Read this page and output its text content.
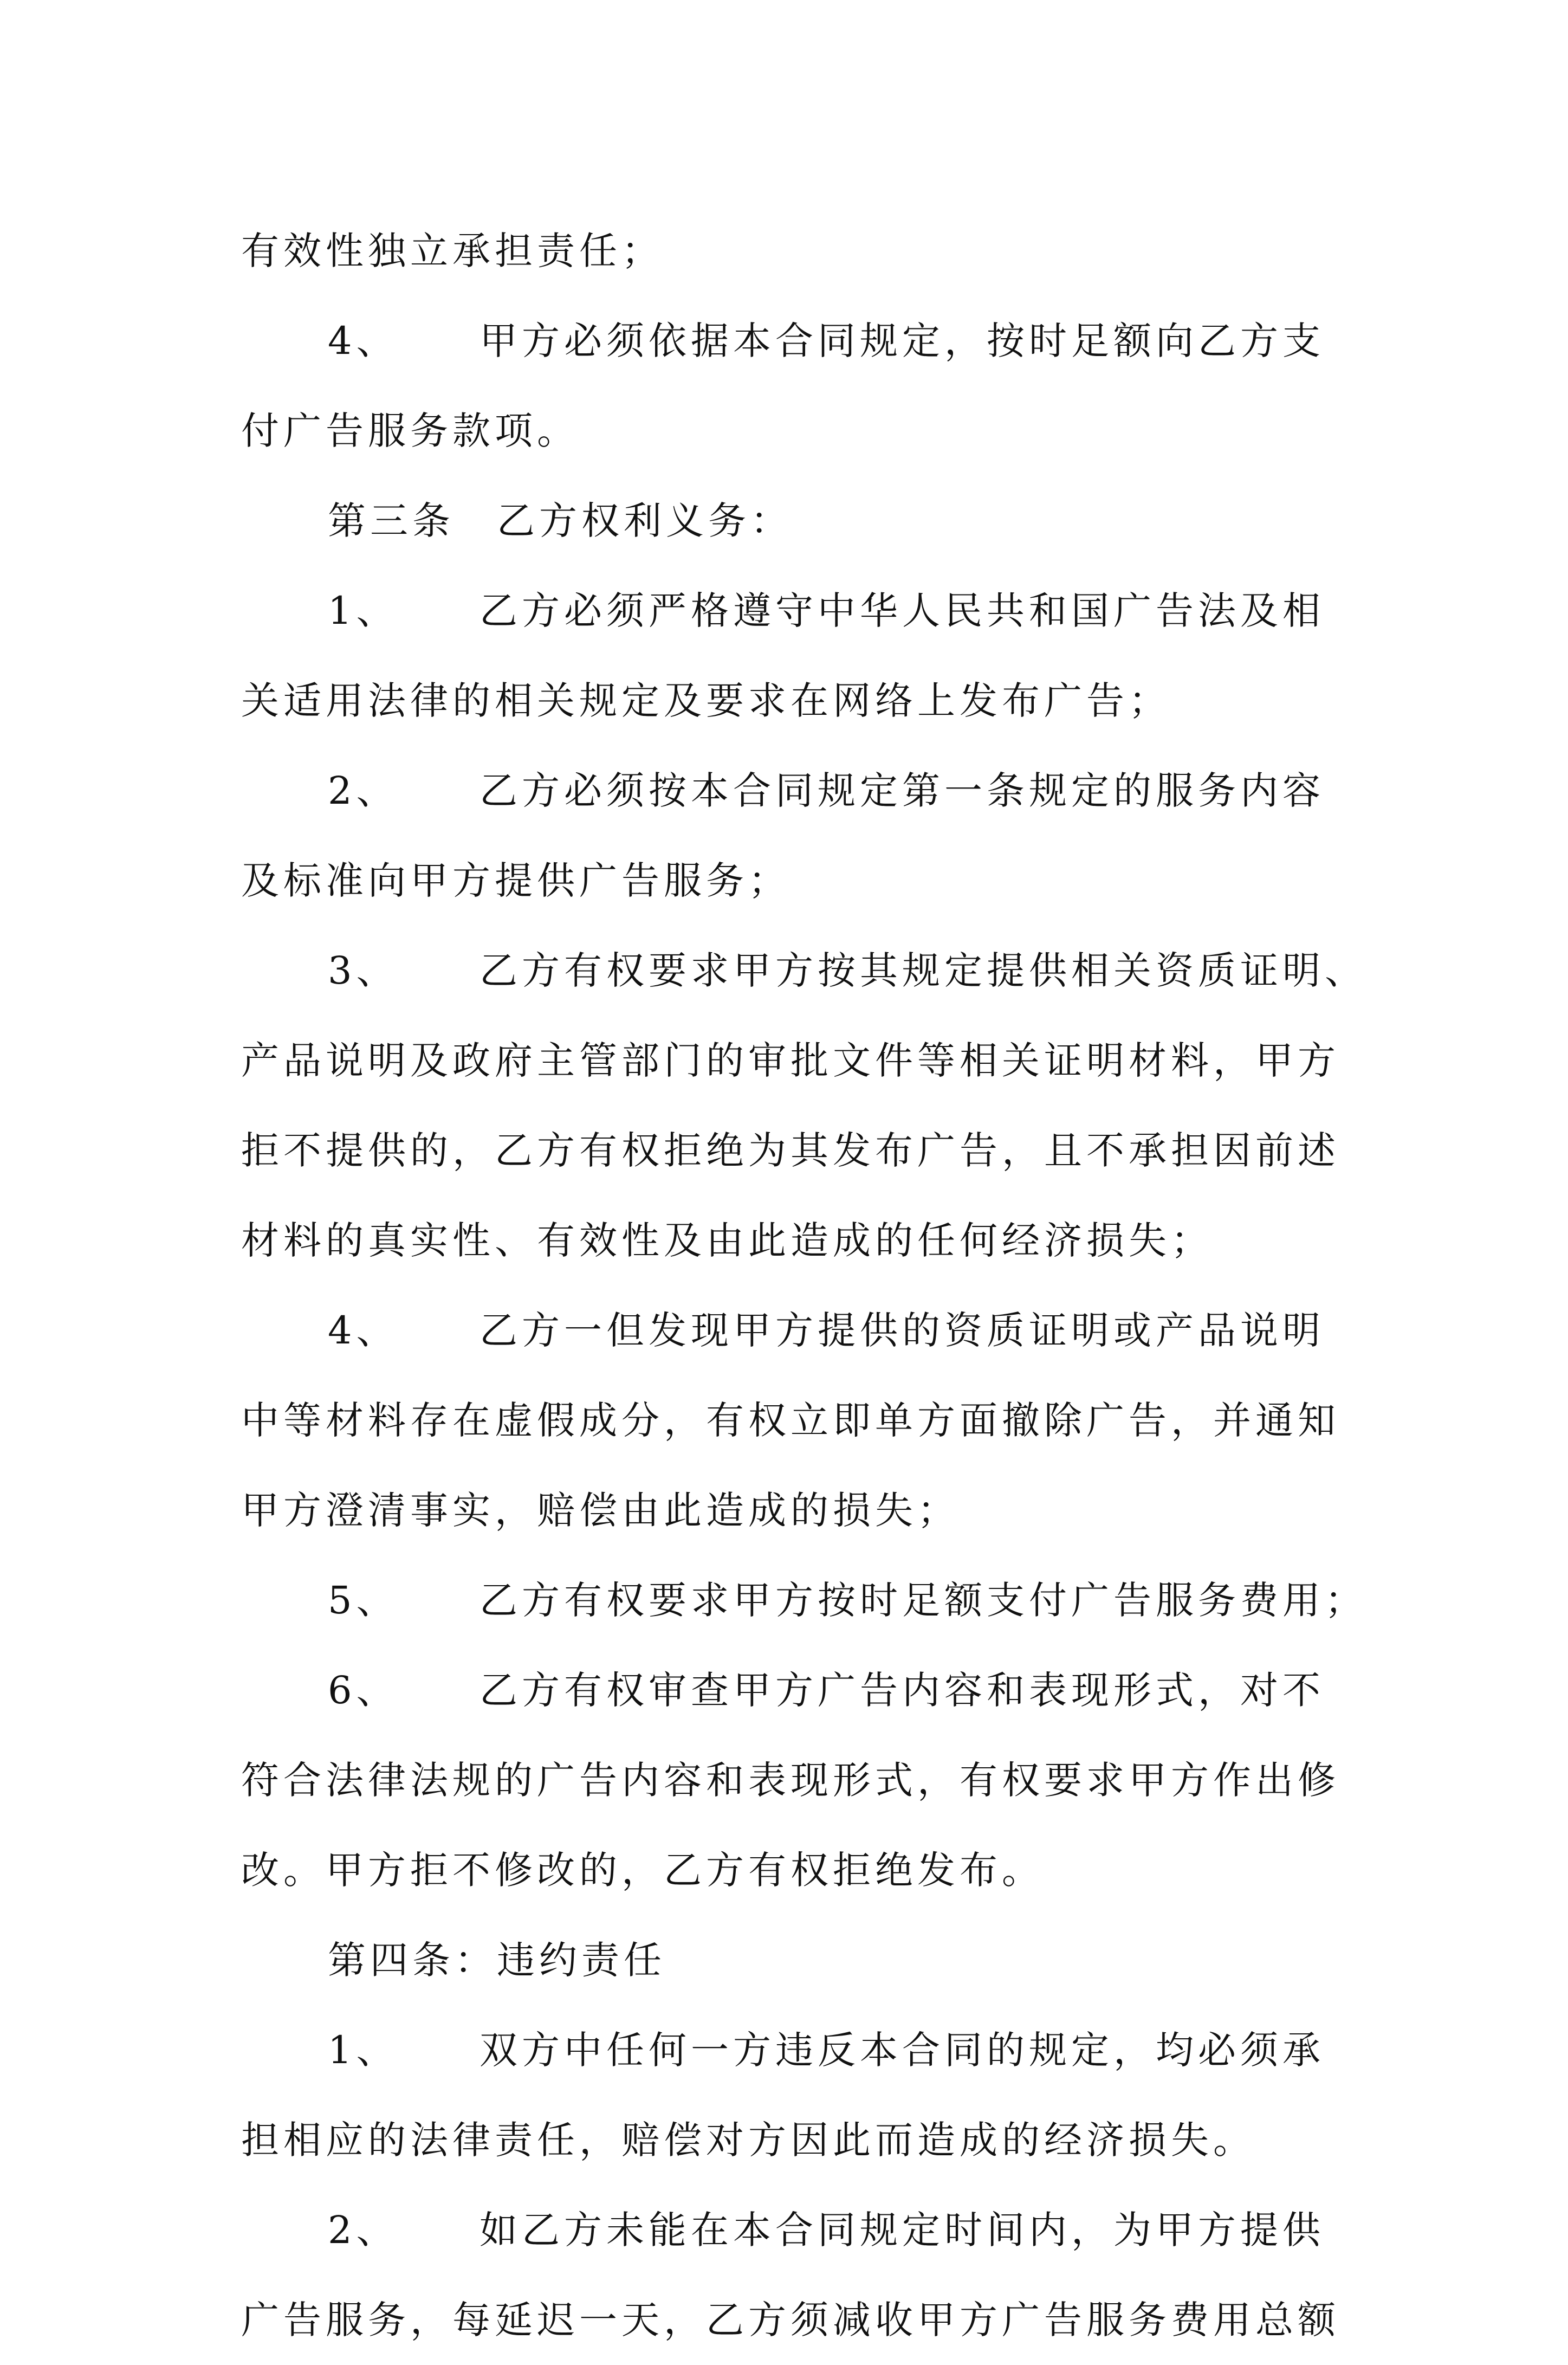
有效性独立承担责任；
4、 甲方必须依据本合同规定，按时足额向乙方支
付广告服务款项。
第三条　乙方权利义务：
1、 乙方必须严格遵守中华人民共和国广告法及相
关适用法律的相关规定及要求在网络上发布广告；
2、 乙方必须按本合同规定第一条规定的服务内容
及标准向甲方提供广告服务；
3、 乙方有权要求甲方按其规定提供相关资质证明、
产品说明及政府主管部门的审批文件等相关证明材料，甲方
拒不提供的，乙方有权拒绝为其发布广告，且不承担因前述
材料的真实性、有效性及由此造成的任何经济损失；
4、 乙方一但发现甲方提供的资质证明或产品说明
中等材料存在虚假成分，有权立即单方面撤除广告，并通知
甲方澄清事实，赔偿由此造成的损失；
5、 乙方有权要求甲方按时足额支付广告服务费用；
6、 乙方有权审查甲方广告内容和表现形式，对不
符合法律法规的广告内容和表现形式，有权要求甲方作出修
改。甲方拒不修改的，乙方有权拒绝发布。
第四条：违约责任
1、 双方中任何一方违反本合同的规定，均必须承
担相应的法律责任，赔偿对方因此而造成的经济损失。
2、 如乙方未能在本合同规定时间内，为甲方提供
广告服务，每延迟一天，乙方须减收甲方广告服务费用总额
